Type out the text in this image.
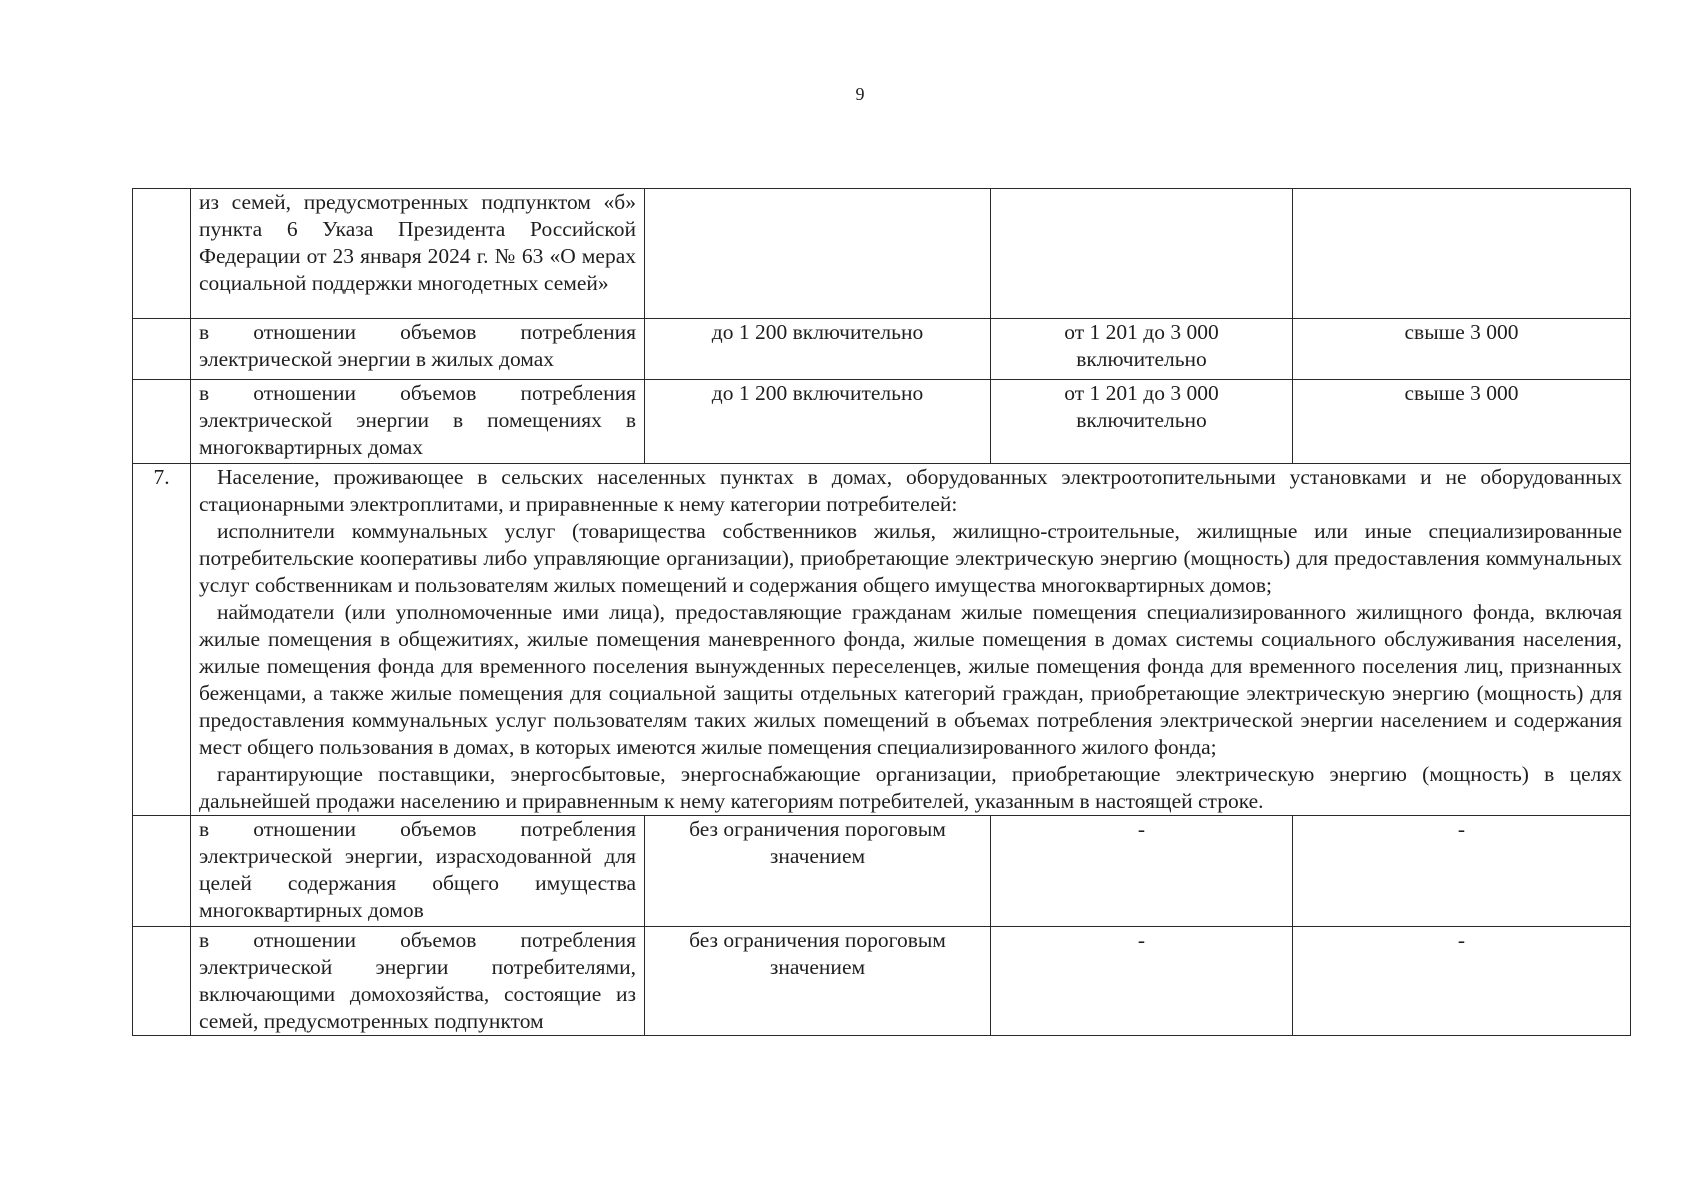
9
	из семей, предусмотренных подпунктом «б» пункта 6 Указа Президента Российской Федерации от 23 января 2024 г. № 63 «О мерах социальной поддержки многодетных семей»			
	в отношении объемов потребления электрической энергии в жилых домах	до 1 200 включительно	от 1 201 до 3 000 включительно	свыше 3 000
	в отношении объемов потребления электрической энергии в помещениях в многоквартирных домах	до 1 200 включительно	от 1 201 до 3 000 включительно	свыше 3 000
7.	Население, проживающее в сельских населенных пунктах в домах, оборудованных электроотопительными установками и не оборудованных стационарными электроплитами, и приравненные к нему категории потребителей:

исполнители коммунальных услуг (товарищества собственников жилья, жилищно-строительные, жилищные или иные специализированные потребительские кооперативы либо управляющие организации), приобретающие электрическую энергию (мощность) для предоставления коммунальных услуг собственникам и пользователям жилых помещений и содержания общего имущества многоквартирных домов;

наймодатели (или уполномоченные ими лица), предоставляющие гражданам жилые помещения специализированного жилищного фонда, включая жилые помещения в общежитиях, жилые помещения маневренного фонда, жилые помещения в домах системы социального обслуживания населения, жилые помещения фонда для временного поселения вынужденных переселенцев, жилые помещения фонда для временного поселения лиц, признанных беженцами, а также жилые помещения для социальной защиты отдельных категорий граждан, приобретающие электрическую энергию (мощность) для предоставления коммунальных услуг пользователям таких жилых помещений в объемах потребления электрической энергии населением и содержания мест общего пользования в домах, в которых имеются жилые помещения специализированного жилого фонда;

гарантирующие поставщики, энергосбытовые, энергоснабжающие организации, приобретающие электрическую энергию (мощность) в целях дальнейшей продажи населению и приравненным к нему категориям потребителей, указанным в настоящей строке.			

	в отношении объемов потребления электрической энергии, израсходованной для целей содержания общего имущества многоквартирных домов	без ограничения пороговым значением	-	-
	в отношении объемов потребления электрической энергии потребителями, включающими домохозяйства, состоящие из семей, предусмотренных подпунктом	без ограничения пороговым значением	-	-
